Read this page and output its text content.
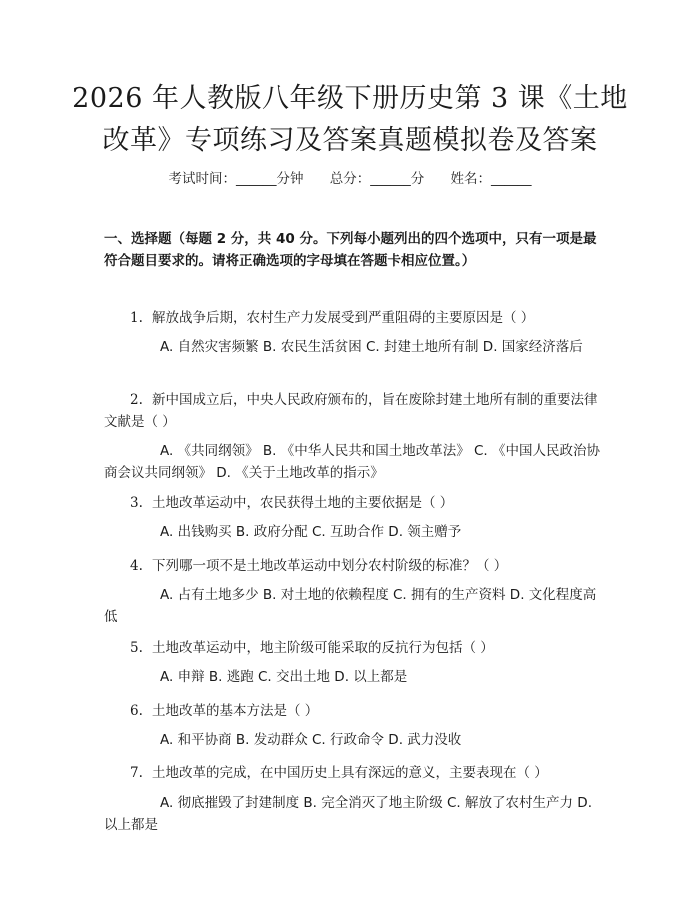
2026 年人教版八年级下册历史第 3 课《土地改革》专项练习及答案真题模拟卷及答案
考试时间：______分钟 总分：______分 姓名：______
一、选择题（每题 2 分，共 40 分。下列每小题列出的四个选项中，只有一项是最符合题目要求的。请将正确选项的字母填在答题卡相应位置。）
1. 解放战争后期，农村生产力发展受到严重阻碍的主要原因是（ ）
A. 自然灾害频繁 B. 农民生活贫困 C. 封建土地所有制 D. 国家经济落后
2. 新中国成立后，中央人民政府颁布的，旨在废除封建土地所有制的重要法律文献是（ ）
A. 《共同纲领》 B. 《中华人民共和国土地改革法》 C. 《中国人民政治协商会议共同纲领》 D. 《关于土地改革的指示》
3. 土地改革运动中，农民获得土地的主要依据是（ ）
A. 出钱购买 B. 政府分配 C. 互助合作 D. 领主赠予
4. 下列哪一项不是土地改革运动中划分农村阶级的标准？（ ）
A. 占有土地多少 B. 对土地的依赖程度 C. 拥有的生产资料 D. 文化程度高低
5. 土地改革运动中，地主阶级可能采取的反抗行为包括（ ）
A. 申辩 B. 逃跑 C. 交出土地 D. 以上都是
6. 土地改革的基本方法是（ ）
A. 和平协商 B. 发动群众 C. 行政命令 D. 武力没收
7. 土地改革的完成，在中国历史上具有深远的意义，主要表现在（ ）
A. 彻底摧毁了封建制度 B. 完全消灭了地主阶级 C. 解放了农村生产力 D. 以上都是
